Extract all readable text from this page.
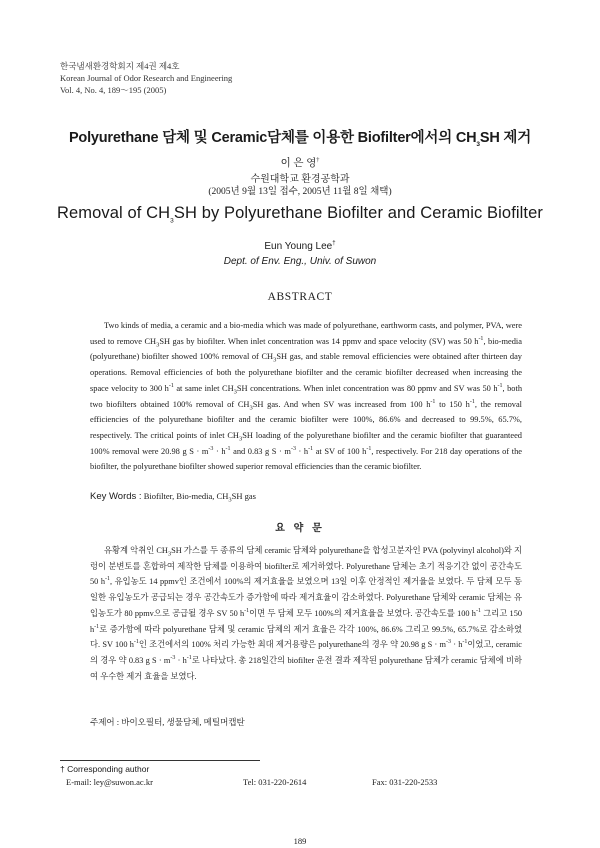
한국냄새환경학회지 제4권 제4호
Korean Journal of Odor Research and Engineering
Vol. 4, No. 4, 189～195 (2005)
Polyurethane 담체 및 Ceramic담체를 이용한 Biofilter에서의 $CH_3SH$ 제거
이 은 영†
수원대학교 환경공학과
(2005년 9월 13일 접수, 2005년 11월 8일 채택)
Removal of $CH_3SH$ by Polyurethane Biofilter and Ceramic Biofilter
Eun Young Lee†
Dept. of Env. Eng., Univ. of Suwon
ABSTRACT

Two kinds of media, a ceramic and a bio-media which was made of polyurethane, earthworm casts, and polymer, PVA, were used to remove $CH_3SH$ gas by biofilter. When inlet concentration was 14 ppmv and space velocity (SV) was 50 $h^{-1}$, bio-media (polyurethane) biofilter showed 100% removal of $CH_3SH$ gas, and stable removal efficiencies were obtained after thirteen day operations. Removal efficiencies of both the polyurethane biofilter and the ceramic biofilter decreased when increasing the space velocity to 300 $h^{-1}$ at same inlet $CH_3SH$ concentrations. When inlet concentration was 80 ppmv and SV was 50 $h^{-1}$, both two biofilters obtained 100% removal of $CH_3SH$ gas. And when SV was increased from 100 $h^{-1}$ to 150 $h^{-1}$, the removal efficiencies of the polyurethane biofilter and the ceramic biofilter were 100%, 86.6% and decreased to 99.5%, 65.7%, respectively. The critical points of inlet $CH_3SH$ loading of the polyurethane biofilter and the ceramic biofilter that guaranteed 100% removal were 20.98 g $S \cdot m^{-3} \cdot h^{-1}$ and 0.83 g $S \cdot m^{-3} \cdot h^{-1}$ at SV of 100 $h^{-1}$, respectively. For 218 day operations of the biofilter, the polyurethane biofilter showed superior removal efficiencies than the ceramic biofilter.

Key Words : Biofilter, Bio-media, $CH_3SH$ gas
요 약 문

유황계 악취인 $CH_3SH$ 가스를 두 종류의 담체 ceramic 담체와 polyurethane을 합성고분자인 PVA (polyvinyl alcohol)와 지렁이 분변토를 혼합하여 제작한 담체를 이용하여 biofilter로 제거하였다. Polyurethane 담체는 초기 적응기간 없이 공간속도 50 $h^{-1}$, 유입농도 14 ppmv인 조건에서 100%의 제거효율을 보였으며 13일 이후 안정적인 제거율을 보였다. 두 담체 모두 동일한 유입농도가 공급되는 경우 공간속도가 증가함에 따라 제거효율이 감소하였다. Polyurethane 담체와 ceramic 담체는 유입농도가 80 ppmv으로 공급될 경우 SV 50 $h^{-1}$이면 두 담체 모두 100%의 제거효율을 보였다. 공간속도를 100 $h^{-1}$ 그리고 150 $h^{-1}$로 증가함에 따라 polyurethane 담체 및 ceramic 담체의 제거 효율은 각각 100%, 86.6% 그리고 99.5%, 65.7%로 감소하였다. SV 100 $h^{-1}$인 조건에서의 100% 처리 가능한 최대 제거용량은 polyurethane의 경우 약 20.98 g $S \cdot m^{-3} \cdot h^{-1}$이었고, ceramic의 경우 약 0.83 g $S \cdot m^{-3} \cdot h^{-1}$로 나타났다. 총 218일간의 biofilter 운전 결과 제작된 polyurethane 담체가 ceramic 담체에 비하여 우수한 제거 효율을 보였다.

주제어 : 바이오필터, 생물담체, 메틸머캡탄
† Corresponding author
E-mail: ley@suwon.ac.kr	Tel: 031-220-2614	Fax: 031-220-2533
189
